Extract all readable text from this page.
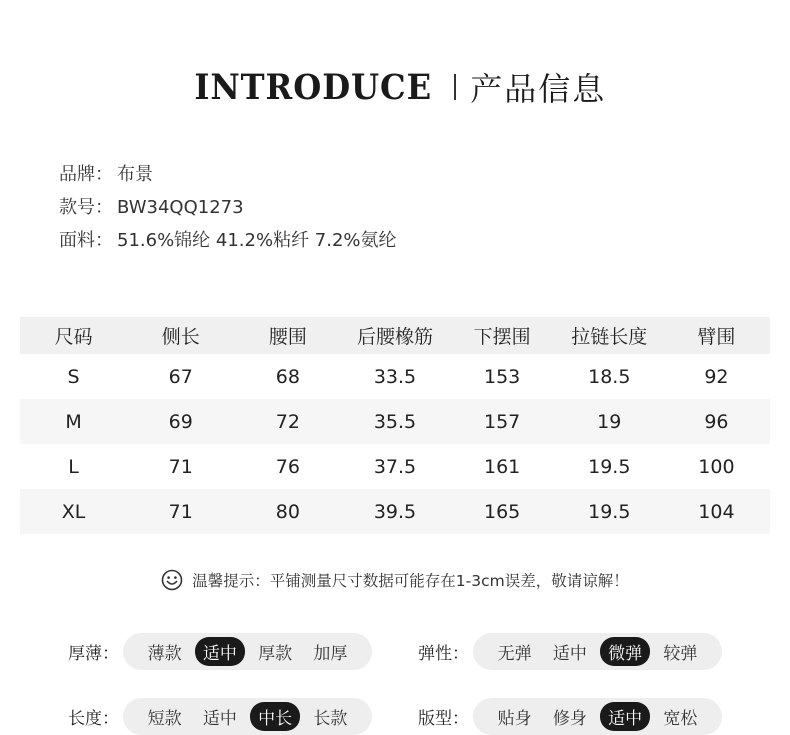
INTRODUCE 产品信息
品牌： 布景
款号： BW34QQ1273
面料： 51.6%锦纶 41.2%粘纤 7.2%氨纶
尺码	侧长	腰围	后腰橡筋	下摆围	拉链长度	臂围
S	67	68	33.5	153	18.5	92
M	69	72	35.5	157	19	96
L	71	76	37.5	161	19.5	100
XL	71	80	39.5	165	19.5	104
温馨提示：平铺测量尺寸数据可能存在1-3cm误差，敬请谅解！
厚薄：	薄款	适中	厚款	加厚	弹性：	无弹	适中	微弹	较弹
长度：	短款	适中	中长	长款	版型：	贴身	修身	适中	宽松
